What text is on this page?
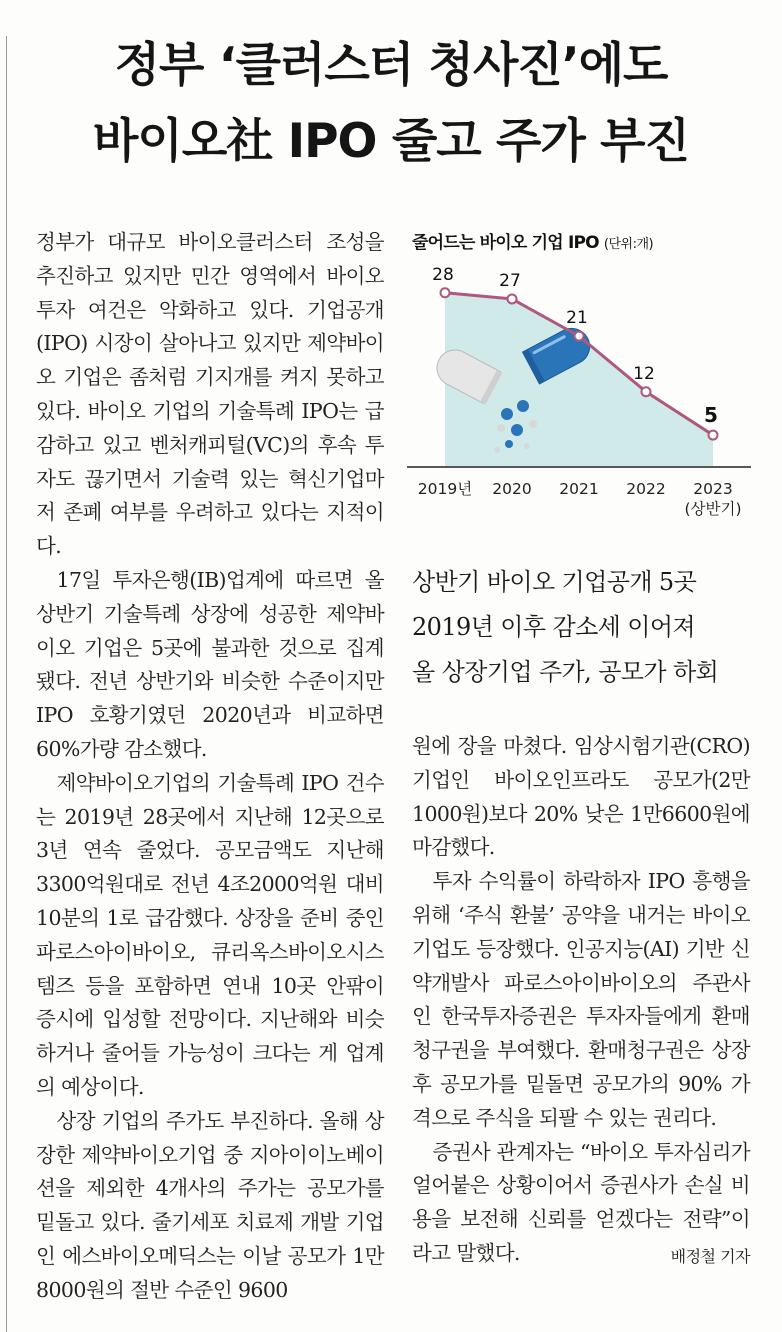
정부 ‘클러스터 청사진’에도
바이오社 IPO 줄고 주가 부진

정부가 대규모 바이오클러스터 조성을 추진하고 있지만 민간 영역에서 바이오 투자 여건은 악화하고 있다. 기업공개(IPO) 시장이 살아나고 있지만 제약바이오 기업은 좀처럼 기지개를 켜지 못하고 있다. 바이오 기업의 기술특례 IPO는 급감하고 있고 벤처캐피털(VC)의 후속 투자도 끊기면서 기술력 있는 혁신기업마저 존폐 여부를 우려하고 있다는 지적이다.

17일 투자은행(IB)업계에 따르면 올 상반기 기술특례 상장에 성공한 제약바이오 기업은 5곳에 불과한 것으로 집계됐다. 전년 상반기와 비슷한 수준이지만 IPO 호황기였던 2020년과 비교하면 60%가량 감소했다.

제약바이오기업의 기술특례 IPO 건수는 2019년 28곳에서 지난해 12곳으로 3년 연속 줄었다. 공모금액도 지난해 3300억원대로 전년 4조2000억원 대비 10분의 1로 급감했다. 상장을 준비 중인 파로스아이바이오, 큐리옥스바이오시스템즈 등을 포함하면 연내 10곳 안팎이 증시에 입성할 전망이다. 지난해와 비슷하거나 줄어들 가능성이 크다는 게 업계의 예상이다.

상장 기업의 주가도 부진하다. 올해 상장한 제약바이오기업 중 지아이이노베이션을 제외한 4개사의 주가는 공모가를 밑돌고 있다. 줄기세포 치료제 개발 기업인 에스바이오메딕스는 이날 공모가 1만8000원의 절반 수준인 9600

줄어드는 바이오 기업 IPO (단위:개)
28
2019년
27
2020
21
2021
12
2022
5
2023
(상반기)
상반기 바이오 기업공개 5곳
2019년 이후 감소세 이어져
올 상장기업 주가, 공모가 하회

원에 장을 마쳤다. 임상시험기관(CRO) 기업인 바이오인프라도 공모가(2만1000원)보다 20% 낮은 1만6600원에 마감했다.

투자 수익률이 하락하자 IPO 흥행을 위해 ‘주식 환불’ 공약을 내거는 바이오 기업도 등장했다. 인공지능(AI) 기반 신약개발사 파로스아이바이오의 주관사인 한국투자증권은 투자자들에게 환매청구권을 부여했다. 환매청구권은 상장 후 공모가를 밑돌면 공모가의 90% 가격으로 주식을 되팔 수 있는 권리다.

증권사 관계자는 “바이오 투자심리가 얼어붙은 상황이어서 증권사가 손실 비용을 보전해 신뢰를 얻겠다는 전략”이라고 말했다.	배정철 기자
